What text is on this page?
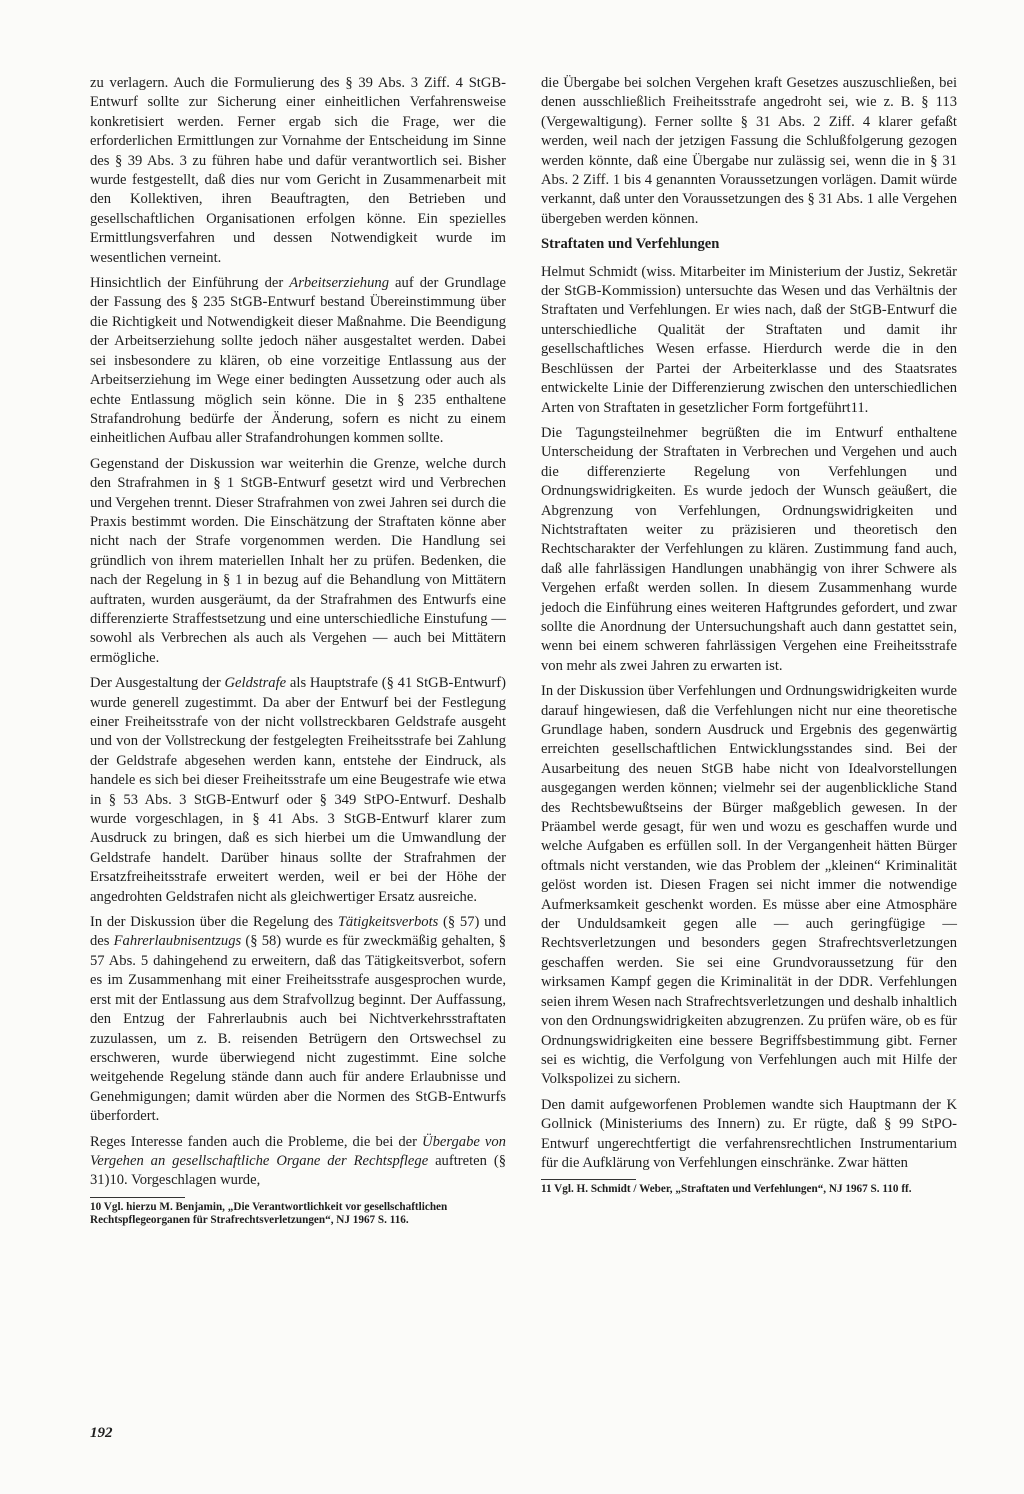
zu verlagern. Auch die Formulierung des § 39 Abs. 3 Ziff. 4 StGB-Entwurf sollte zur Sicherung einer einheitlichen Verfahrensweise konkretisiert werden. Ferner ergab sich die Frage, wer die erforderlichen Ermittlungen zur Vornahme der Entscheidung im Sinne des § 39 Abs. 3 zu führen habe und dafür verantwortlich sei. Bisher wurde festgestellt, daß dies nur vom Gericht in Zusammenarbeit mit den Kollektiven, ihren Beauftragten, den Betrieben und gesellschaftlichen Organisationen erfolgen könne. Ein spezielles Ermittlungsverfahren und dessen Notwendigkeit wurde im wesentlichen verneint.

Hinsichtlich der Einführung der Arbeitserziehung auf der Grundlage der Fassung des § 235 StGB-Entwurf bestand Übereinstimmung über die Richtigkeit und Notwendigkeit dieser Maßnahme. Die Beendigung der Arbeitserziehung sollte jedoch näher ausgestaltet werden. Dabei sei insbesondere zu klären, ob eine vorzeitige Entlassung aus der Arbeitserziehung im Wege einer bedingten Aussetzung oder auch als echte Entlassung möglich sein könne. Die in § 235 enthaltene Strafandrohung bedürfe der Änderung, sofern es nicht zu einem einheitlichen Aufbau aller Strafandrohungen kommen sollte.

Gegenstand der Diskussion war weiterhin die Grenze, welche durch den Strafrahmen in § 1 StGB-Entwurf gesetzt wird und Verbrechen und Vergehen trennt. Dieser Strafrahmen von zwei Jahren sei durch die Praxis bestimmt worden. Die Einschätzung der Straftaten könne aber nicht nach der Strafe vorgenommen werden. Die Handlung sei gründlich von ihrem materiellen Inhalt her zu prüfen. Bedenken, die nach der Regelung in § 1 in bezug auf die Behandlung von Mittätern auftraten, wurden ausgeräumt, da der Strafrahmen des Entwurfs eine differenzierte Straffestsetzung und eine unterschiedliche Einstufung — sowohl als Verbrechen als auch als Vergehen — auch bei Mittätern ermögliche.

Der Ausgestaltung der Geldstrafe als Hauptstrafe (§ 41 StGB-Entwurf) wurde generell zugestimmt. Da aber der Entwurf bei der Festlegung einer Freiheitsstrafe von der nicht vollstreckbaren Geldstrafe ausgeht und von der Vollstreckung der festgelegten Freiheitsstrafe bei Zahlung der Geldstrafe abgesehen werden kann, entstehe der Eindruck, als handele es sich bei dieser Freiheitsstrafe um eine Beugestrafe wie etwa in § 53 Abs. 3 StGB-Entwurf oder § 349 StPO-Entwurf. Deshalb wurde vorgeschlagen, in § 41 Abs. 3 StGB-Entwurf klarer zum Ausdruck zu bringen, daß es sich hierbei um die Umwandlung der Geldstrafe handelt. Darüber hinaus sollte der Strafrahmen der Ersatzfreiheitsstrafe erweitert werden, weil er bei der Höhe der angedrohten Geldstrafen nicht als gleichwertiger Ersatz ausreiche.

In der Diskussion über die Regelung des Tätigkeitsverbots (§ 57) und des Fahrerlaubnisentzugs (§ 58) wurde es für zweckmäßig gehalten, § 57 Abs. 5 dahingehend zu erweitern, daß das Tätigkeitsverbot, sofern es im Zusammenhang mit einer Freiheitsstrafe ausgesprochen wurde, erst mit der Entlassung aus dem Strafvollzug beginnt. Der Auffassung, den Entzug der Fahrerlaubnis auch bei Nichtverkehrsstraftaten zuzulassen, um z. B. reisenden Betrügern den Ortswechsel zu erschweren, wurde überwiegend nicht zugestimmt. Eine solche weitgehende Regelung stände dann auch für andere Erlaubnisse und Genehmigungen; damit würden aber die Normen des StGB-Entwurfs überfordert.

Reges Interesse fanden auch die Probleme, die bei der Übergabe von Vergehen an gesellschaftliche Organe der Rechtspflege auftreten (§ 31)10. Vorgeschlagen wurde,

10 Vgl. hierzu M. Benjamin, „Die Verantwortlichkeit vor gesellschaftlichen Rechtspflegeorganen für Strafrechtsverletzungen“, NJ 1967 S. 116.

die Übergabe bei solchen Vergehen kraft Gesetzes auszuschließen, bei denen ausschließlich Freiheitsstrafe angedroht sei, wie z. B. § 113 (Vergewaltigung). Ferner sollte § 31 Abs. 2 Ziff. 4 klarer gefaßt werden, weil nach der jetzigen Fassung die Schlußfolgerung gezogen werden könnte, daß eine Übergabe nur zulässig sei, wenn die in § 31 Abs. 2 Ziff. 1 bis 4 genannten Voraussetzungen vorlägen. Damit würde verkannt, daß unter den Voraussetzungen des § 31 Abs. 1 alle Vergehen übergeben werden können.

Straftaten und Verfehlungen

Helmut Schmidt (wiss. Mitarbeiter im Ministerium der Justiz, Sekretär der StGB-Kommission) untersuchte das Wesen und das Verhältnis der Straftaten und Verfehlungen. Er wies nach, daß der StGB-Entwurf die unterschiedliche Qualität der Straftaten und damit ihr gesellschaftliches Wesen erfasse. Hierdurch werde die in den Beschlüssen der Partei der Arbeiterklasse und des Staatsrates entwickelte Linie der Differenzierung zwischen den unterschiedlichen Arten von Straftaten in gesetzlicher Form fortgeführt11.

Die Tagungsteilnehmer begrüßten die im Entwurf enthaltene Unterscheidung der Straftaten in Verbrechen und Vergehen und auch die differenzierte Regelung von Verfehlungen und Ordnungswidrigkeiten. Es wurde jedoch der Wunsch geäußert, die Abgrenzung von Verfehlungen, Ordnungswidrigkeiten und Nichtstraftaten weiter zu präzisieren und theoretisch den Rechtscharakter der Verfehlungen zu klären. Zustimmung fand auch, daß alle fahrlässigen Handlungen unabhängig von ihrer Schwere als Vergehen erfaßt werden sollen. In diesem Zusammenhang wurde jedoch die Einführung eines weiteren Haftgrundes gefordert, und zwar sollte die Anordnung der Untersuchungshaft auch dann gestattet sein, wenn bei einem schweren fahrlässigen Vergehen eine Freiheitsstrafe von mehr als zwei Jahren zu erwarten ist.

In der Diskussion über Verfehlungen und Ordnungswidrigkeiten wurde darauf hingewiesen, daß die Verfehlungen nicht nur eine theoretische Grundlage haben, sondern Ausdruck und Ergebnis des gegenwärtig erreichten gesellschaftlichen Entwicklungsstandes sind. Bei der Ausarbeitung des neuen StGB habe nicht von Idealvorstellungen ausgegangen werden können; vielmehr sei der augenblickliche Stand des Rechtsbewußtseins der Bürger maßgeblich gewesen. In der Präambel werde gesagt, für wen und wozu es geschaffen wurde und welche Aufgaben es erfüllen soll. In der Vergangenheit hätten Bürger oftmals nicht verstanden, wie das Problem der „kleinen“ Kriminalität gelöst worden ist. Diesen Fragen sei nicht immer die notwendige Aufmerksamkeit geschenkt worden. Es müsse aber eine Atmosphäre der Unduldsamkeit gegen alle — auch geringfügige — Rechtsverletzungen und besonders gegen Strafrechtsverletzungen geschaffen werden. Sie sei eine Grundvoraussetzung für den wirksamen Kampf gegen die Kriminalität in der DDR. Verfehlungen seien ihrem Wesen nach Strafrechtsverletzungen und deshalb inhaltlich von den Ordnungswidrigkeiten abzugrenzen. Zu prüfen wäre, ob es für Ordnungswidrigkeiten eine bessere Begriffsbestimmung gibt. Ferner sei es wichtig, die Verfolgung von Verfehlungen auch mit Hilfe der Volkspolizei zu sichern.

Den damit aufgeworfenen Problemen wandte sich Hauptmann der K Gollnick (Ministeriums des Innern) zu. Er rügte, daß § 99 StPO-Entwurf ungerechtfertigt die verfahrensrechtlichen Instrumentarium für die Aufklärung von Verfehlungen einschränke. Zwar hätten

11 Vgl. H. Schmidt / Weber, „Straftaten und Verfehlungen“, NJ 1967 S. 110 ff.

192
